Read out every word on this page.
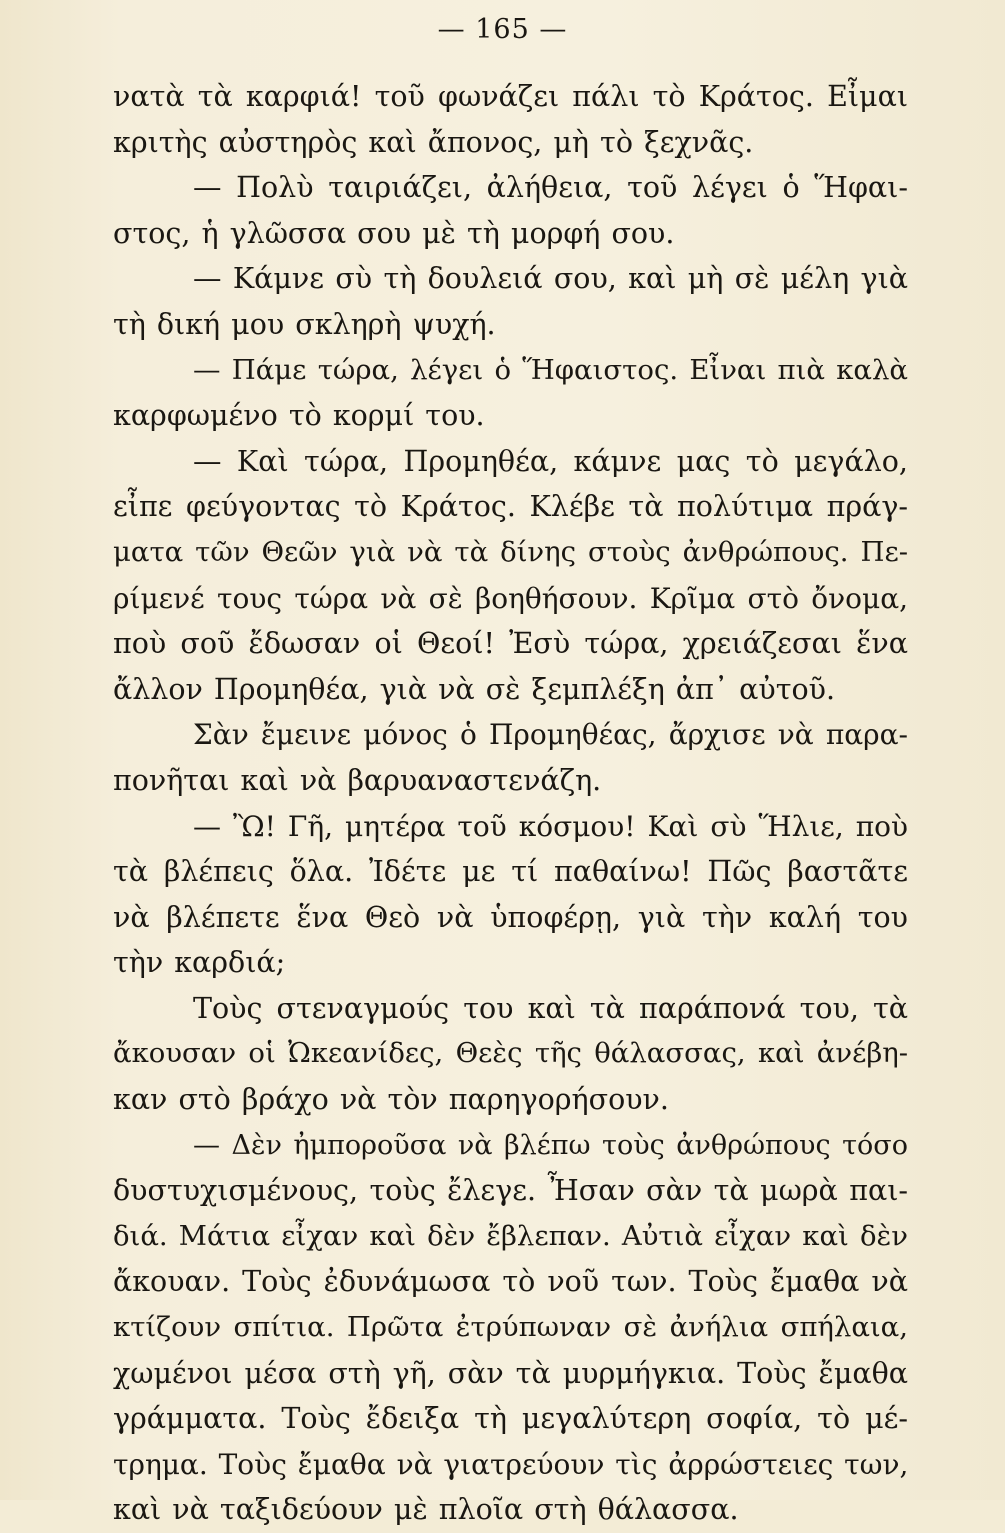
— 165 —
νατὰ τὰ καρφιά! τοῦ φωνάζει πάλι τὸ Κράτος. Εἶμαι
κριτὴς αὐστηρὸς καὶ ἄπονος, μὴ τὸ ξεχνᾶς.
— Πολὺ ταιριάζει, ἀλήθεια, τοῦ λέγει ὁ Ἥφαι-
στος, ἡ γλῶσσα σου μὲ τὴ μορφή σου.
— Κάμνε σὺ τὴ δουλειά σου, καὶ μὴ σὲ μέλη γιὰ
τὴ δική μου σκληρὴ ψυχή.
— Πάμε τώρα, λέγει ὁ Ἥφαιστος. Εἶναι πιὰ καλὰ
καρφωμένο τὸ κορμί του.
— Καὶ τώρα, Προμηθέα, κάμνε μας τὸ μεγάλο,
εἶπε φεύγοντας τὸ Κράτος. Κλέβε τὰ πολύτιμα πράγ-
ματα τῶν Θεῶν γιὰ νὰ τὰ δίνης στοὺς ἀνθρώπους. Πε-
ρίμενέ τους τώρα νὰ σὲ βοηθήσουν. Κρῖμα στὸ ὄνομα,
ποὺ σοῦ ἔδωσαν οἱ Θεοί! Ἐσὺ τώρα, χρειάζεσαι ἕνα
ἄλλον Προμηθέα, γιὰ νὰ σὲ ξεμπλέξη ἀπ᾽ αὐτοῦ.
Σὰν ἔμεινε μόνος ὁ Προμηθέας, ἄρχισε νὰ παρα-
πονῆται καὶ νὰ βαρυαναστενάζη.
— Ὢ! Γῆ, μητέρα τοῦ κόσμου! Καὶ σὺ Ἥλιε, ποὺ
τὰ βλέπεις ὅλα. Ἰδέτε με τί παθαίνω! Πῶς βαστᾶτε
νὰ βλέπετε ἕνα Θεὸ νὰ ὑποφέρῃ, γιὰ τὴν καλή του
τὴν καρδιά;
Τοὺς στεναγμούς του καὶ τὰ παράπονά του, τὰ
ἄκουσαν οἱ Ὠκεανίδες, Θεὲς τῆς θάλασσας, καὶ ἀνέβη-
καν στὸ βράχο νὰ τὸν παρηγορήσουν.
— Δὲν ἠμποροῦσα νὰ βλέπω τοὺς ἀνθρώπους τόσο
δυστυχισμένους, τοὺς ἔλεγε. Ἦσαν σὰν τὰ μωρὰ παι-
διά. Μάτια εἶχαν καὶ δὲν ἔβλεπαν. Αὐτιὰ εἶχαν καὶ δὲν
ἄκουαν. Τοὺς ἐδυνάμωσα τὸ νοῦ των. Τοὺς ἔμαθα νὰ
κτίζουν σπίτια. Πρῶτα ἐτρύπωναν σὲ ἀνήλια σπήλαια,
χωμένοι μέσα στὴ γῆ, σὰν τὰ μυρμήγκια. Τοὺς ἔμαθα
γράμματα. Τοὺς ἔδειξα τὴ μεγαλύτερη σοφία, τὸ μέ-
τρημα. Τοὺς ἔμαθα νὰ γιατρεύουν τὶς ἀρρώστειες των,
καὶ νὰ ταξιδεύουν μὲ πλοῖα στὴ θάλασσα.
